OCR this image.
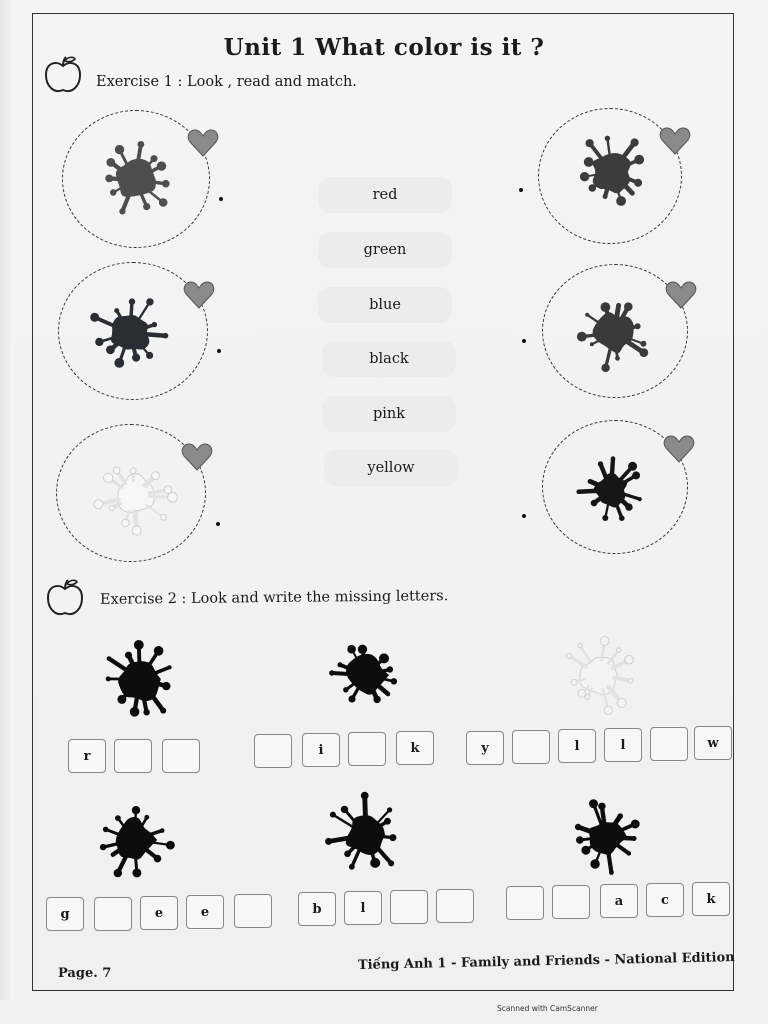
Unit 1 What color is it ?
Exercise 1 : Look , read and match.
red
green
blue
black
pink
yellow
Exercise 2 : Look and write the missing letters.
r	i	k	y	l	l	w
g	e	e	b	l	a	c	k
Page. 7
Tiếng Anh 1 - Family and Friends - National Edition
Scanned with CamScanner
